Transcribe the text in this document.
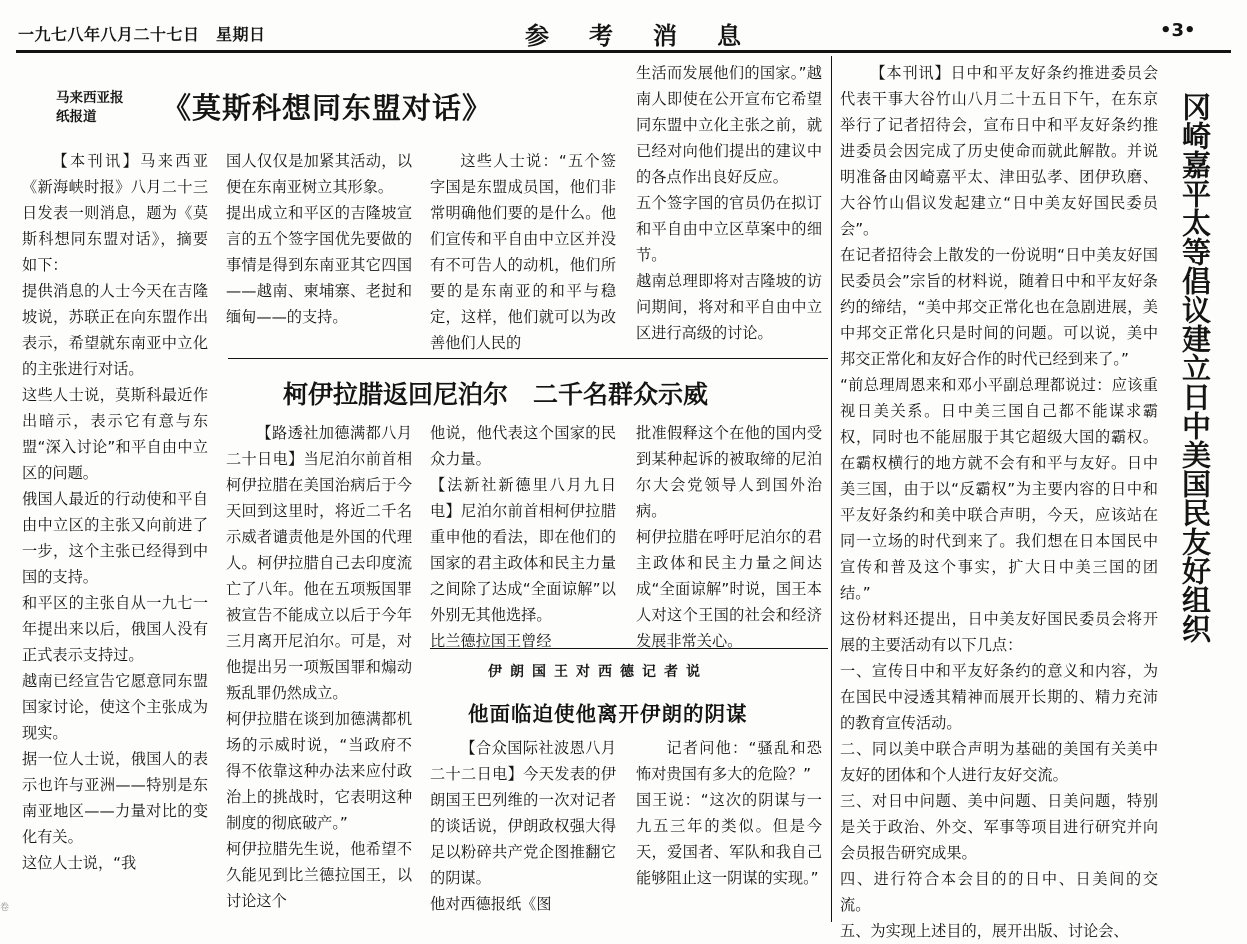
一九七八年八月二十七日　星期日	参考消息	•3•
马来西亚报纸报道	《莫斯科想同东盟对话》
【本刊讯】马来西亚《新海峡时报》八月二十三日发表一则消息，题为《莫斯科想同东盟对话》，摘要如下：
提供消息的人士今天在吉隆坡说，苏联正在向东盟作出表示，希望就东南亚中立化的主张进行对话。
这些人士说，莫斯科最近作出暗示，表示它有意与东盟“深入讨论”和平自由中立区的问题。
俄国人最近的行动使和平自由中立区的主张又向前进了一步，这个主张已经得到中国的支持。
和平区的主张自从一九七一年提出来以后，俄国人没有正式表示支持过。
越南已经宣告它愿意同东盟国家讨论，使这个主张成为现实。
据一位人士说，俄国人的表示也许与亚洲——特别是东南亚地区——力量对比的变化有关。
这位人士说，“我
国人仅仅是加紧其活动，以便在东南亚树立其形象。
提出成立和平区的吉隆坡宣言的五个签字国优先要做的事情是得到东南亚其它四国——越南、柬埔寨、老挝和缅甸——的支持。
这些人士说：“五个签字国是东盟成员国，他们非常明确他们要的是什么。他们宣传和平自由中立区并没有不可告人的动机，他们所要的是东南亚的和平与稳定，这样，他们就可以为改善他们人民的
生活而发展他们的国家。”越南人即使在公开宣布它希望同东盟中立化主张之前，就已经对向他们提出的建议中的各点作出良好反应。
五个签字国的官员仍在拟订和平自由中立区草案中的细节。
越南总理即将对吉隆坡的访问期间，将对和平自由中立区进行高级的讨论。
柯伊拉腊返回尼泊尔　二千名群众示威
【路透社加德满都八月二十日电】当尼泊尔前首相柯伊拉腊在美国治病后于今天回到这里时，将近二千名示威者谴责他是外国的代理人。柯伊拉腊自己去印度流亡了八年。他在五项叛国罪被宣告不能成立以后于今年三月离开尼泊尔。可是，对他提出另一项叛国罪和煽动叛乱罪仍然成立。
柯伊拉腊在谈到加德满都机场的示威时说，“当政府不得不依靠这种办法来应付政治上的挑战时，它表明这种制度的彻底破产。”
柯伊拉腊先生说，他希望不久能见到比兰德拉国王，以讨论这个
他说，他代表这个国家的民众力量。
【法新社新德里八月九日电】尼泊尔前首相柯伊拉腊重申他的看法，即在他们的国家的君主政体和民主力量之间除了达成“全面谅解”以外别无其他选择。
比兰德拉国王曾经
批准假释这个在他的国内受到某种起诉的被取缔的尼泊尔大会党领导人到国外治病。
柯伊拉腊在呼吁尼泊尔的君主政体和民主力量之间达成“全面谅解”时说，国王本人对这个王国的社会和经济发展非常关心。
伊朗国王对西德记者说
他面临迫使他离开伊朗的阴谋
【合众国际社波恩八月二十二日电】今天发表的伊朗国王巴列维的一次对记者的谈话说，伊朗政权强大得足以粉碎共产党企图推翻它的阴谋。
他对西德报纸《图
记者问他：“骚乱和恐怖对贵国有多大的危险？”
国王说：“这次的阴谋与一九五三年的类似。但是今天，爱国者、军队和我自己能够阻止这一阴谋的实现。”
冈崎嘉平太等倡议建立日中美国民友好组织
【本刊讯】日中和平友好条约推进委员会代表干事大谷竹山八月二十五日下午，在东京举行了记者招待会，宣布日中和平友好条约推进委员会因完成了历史使命而就此解散。并说明准备由冈崎嘉平太、津田弘孝、团伊玖磨、大谷竹山倡议发起建立“日中美友好国民委员会”。
在记者招待会上散发的一份说明“日中美友好国民委员会”宗旨的材料说，随着日中和平友好条约的缔结，“美中邦交正常化也在急剧进展，美中邦交正常化只是时间的问题。可以说，美中邦交正常化和友好合作的时代已经到来了。”
“前总理周恩来和邓小平副总理都说过：应该重视日美关系。日中美三国自己都不能谋求霸权，同时也不能屈服于其它超级大国的霸权。在霸权横行的地方就不会有和平与友好。日中美三国，由于以“反霸权”为主要内容的日中和平友好条约和美中联合声明，今天，应该站在同一立场的时代到来了。我们想在日本国民中宣传和普及这个事实，扩大日中美三国的团结。”
这份材料还提出，日中美友好国民委员会将开展的主要活动有以下几点：
一、宣传日中和平友好条约的意义和内容，为在国民中浸透其精神而展开长期的、精力充沛的教育宣传活动。
二、同以美中联合声明为基础的美国有关美中友好的团体和个人进行友好交流。
三、对日中问题、美中问题、日美问题，特别是关于政治、外交、军事等项目进行研究并向会员报告研究成果。
四、进行符合本会目的的日中、日美间的交流。
五、为实现上述目的，展开出版、讨论会、
卷
